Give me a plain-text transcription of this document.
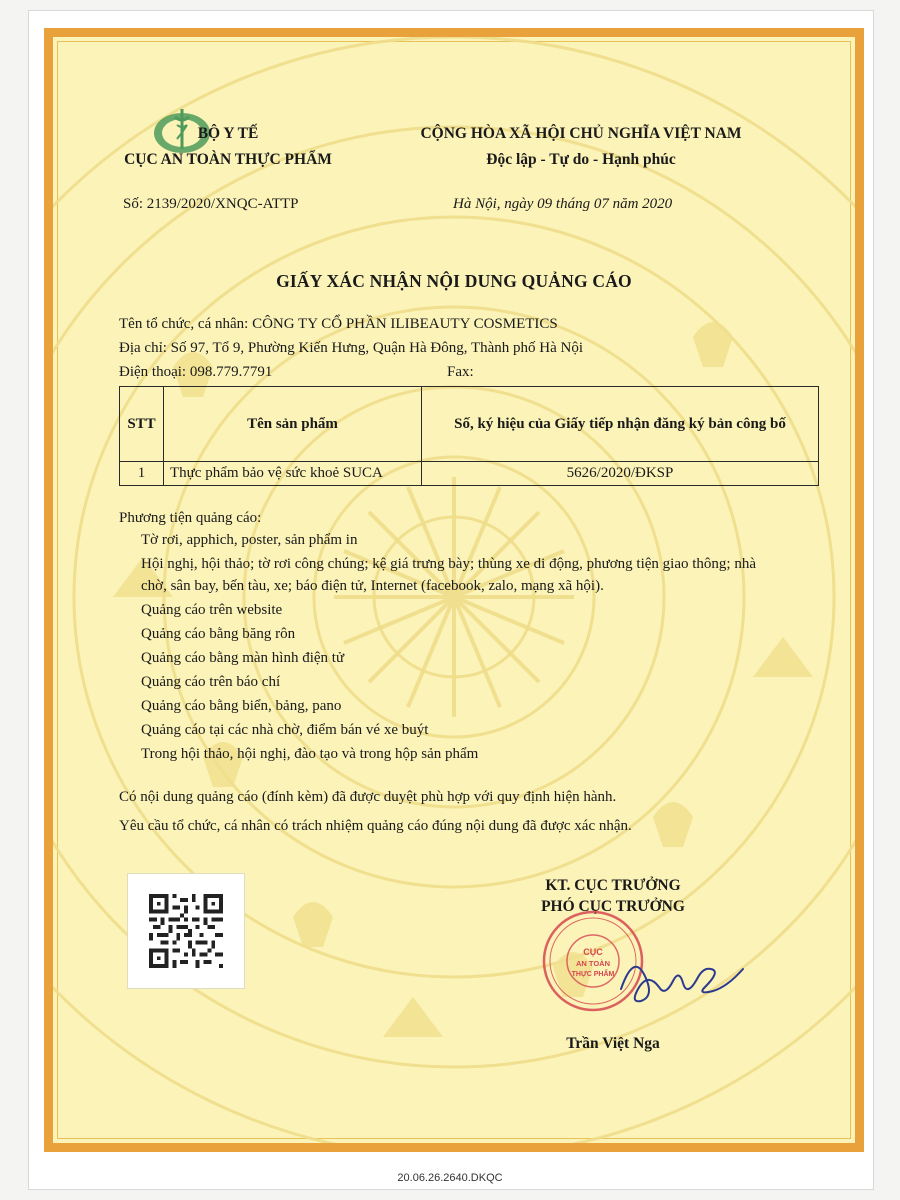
BỘ Y TẾ
CỤC AN TOÀN THỰC PHẨM
CỘNG HÒA XÃ HỘI CHỦ NGHĨA VIỆT NAM
Độc lập - Tự do - Hạnh phúc
Số: 2139/2020/XNQC-ATTP	Hà Nội, ngày 09 tháng 07 năm 2020
GIẤY XÁC NHẬN NỘI DUNG QUẢNG CÁO
Tên tổ chức, cá nhân: CÔNG TY CỔ PHẦN ILIBEAUTY COSMETICS
Địa chỉ: Số 97, Tổ 9, Phường Kiến Hưng, Quận Hà Đông, Thành phố Hà Nội
Điện thoại: 098.779.7791	Fax:
STT	Tên sản phẩm	Số, ký hiệu của Giấy tiếp nhận đăng ký bản công bố
1	Thực phẩm bảo vệ sức khoẻ SUCA	5626/2020/ĐKSP
Phương tiện quảng cáo:
Tờ rơi, apphich, poster, sản phẩm in
Hội nghị, hội thảo; tờ rơi công chúng; kệ giá trưng bày; thùng xe di động, phương tiện giao thông; nhà chờ, sân bay, bến tàu, xe; báo điện tử, Internet (facebook, zalo, mạng xã hội).
Quảng cáo trên website
Quảng cáo bằng băng rôn
Quảng cáo bằng màn hình điện tử
Quảng cáo trên báo chí
Quảng cáo bằng biển, bảng, pano
Quảng cáo tại các nhà chờ, điểm bán vé xe buýt
Trong hội thảo, hội nghị, đào tạo và trong hộp sản phẩm
Có nội dung quảng cáo (đính kèm) đã được duyệt phù hợp với quy định hiện hành.
Yêu cầu tổ chức, cá nhân có trách nhiệm quảng cáo đúng nội dung đã được xác nhận.
KT. CỤC TRƯỞNG
PHÓ CỤC TRƯỞNG
CỤC
AN TOÀN
THỰC PHẨM
Trần Việt Nga
20.06.26.2640.DKQC
